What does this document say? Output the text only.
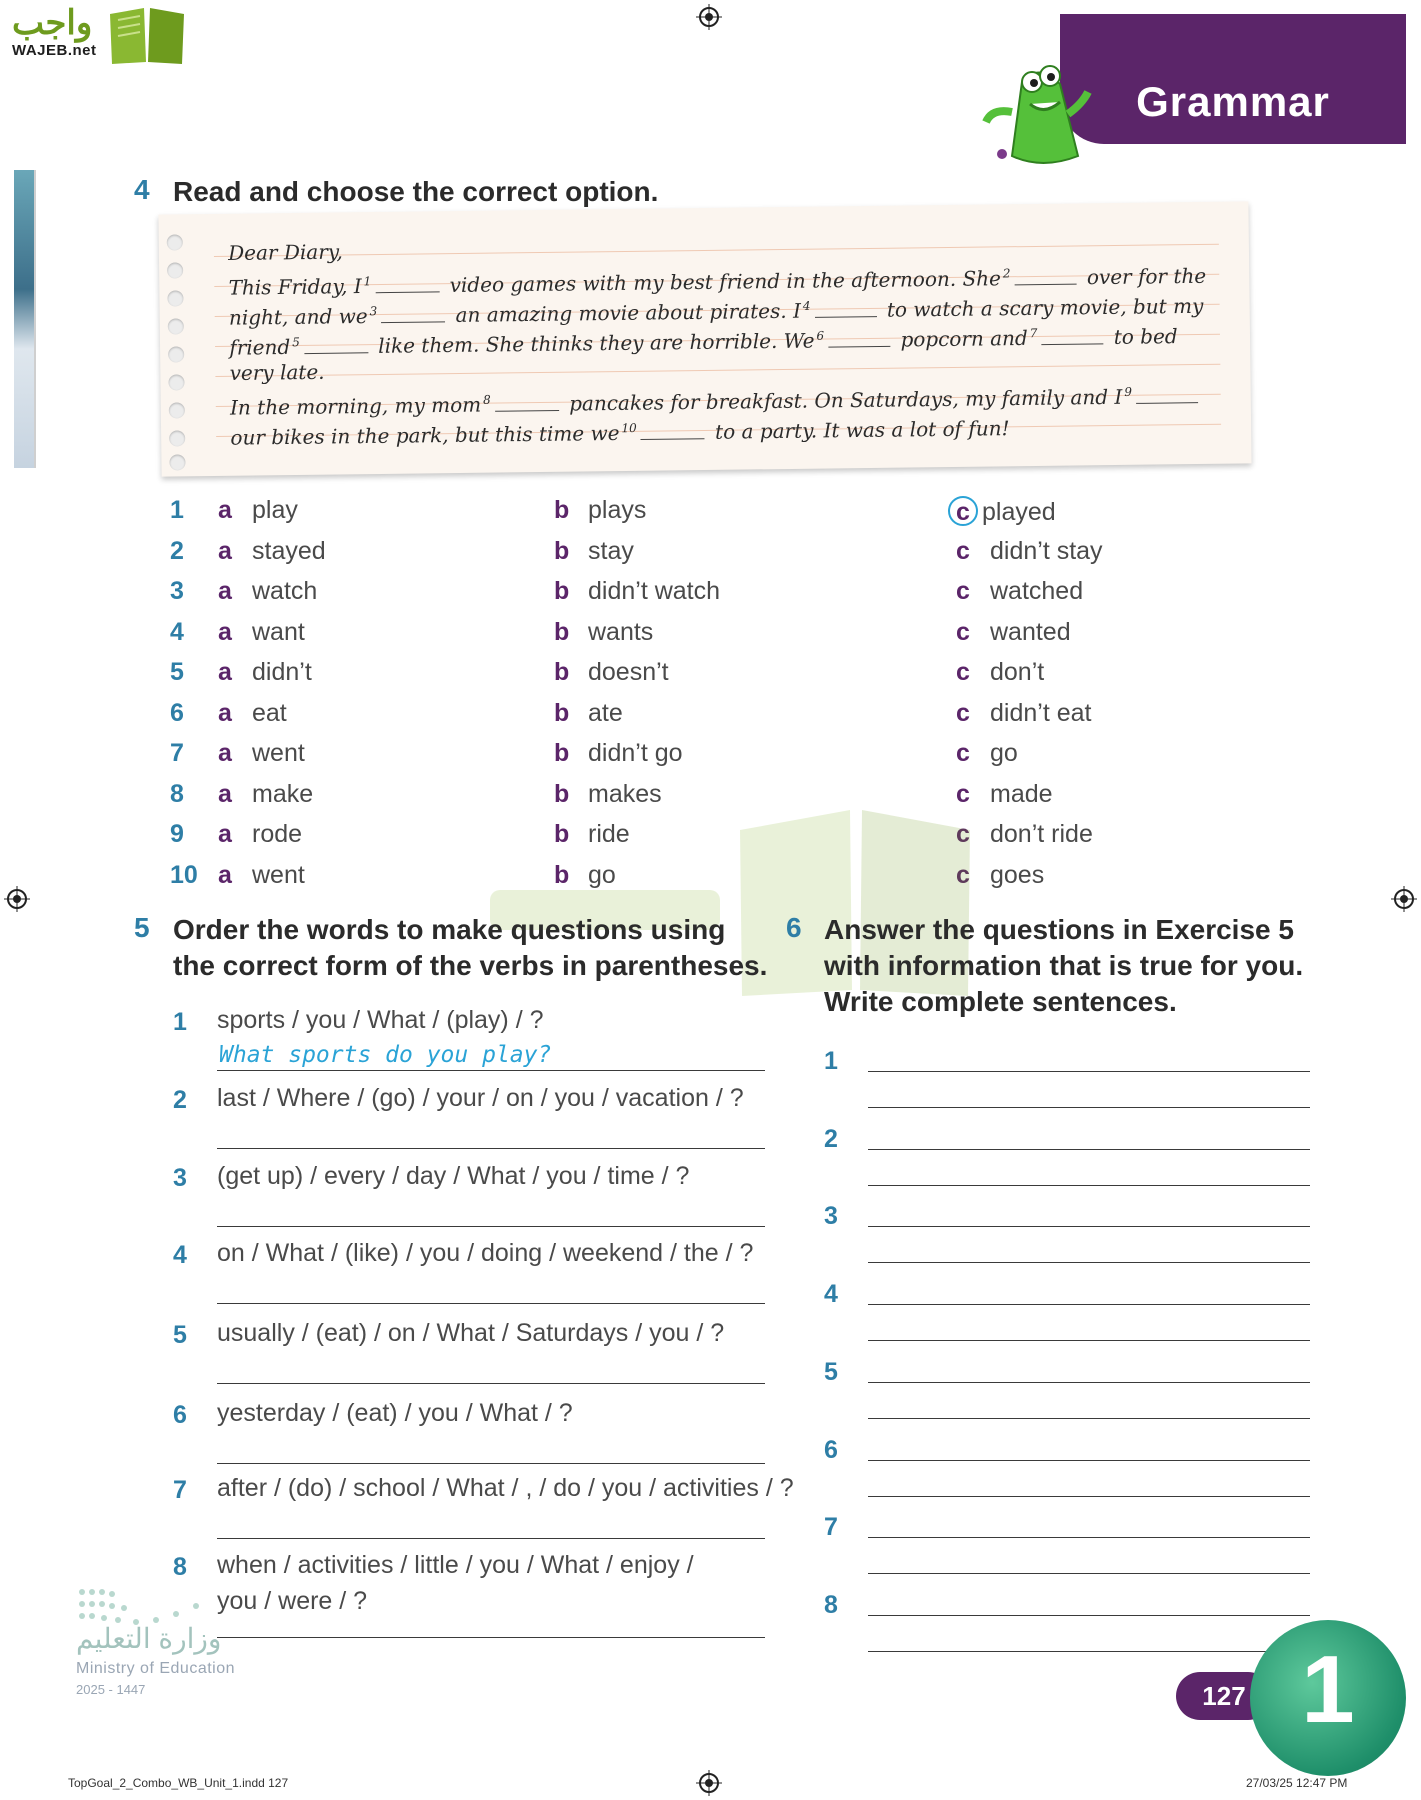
واجب
WAJEB.net
Grammar
4 Read and choose the correct option.
Dear Diary,
This Friday, I $^1$	video games with my best friend in the afternoon. She $^2$	over for the
night, and we $^3$	an amazing movie about pirates. I $^4$	to watch a scary movie, but my
friend $^5$	like them. She thinks they are horrible. We $^6$	popcorn and $^7$	to bed
very late.
In the morning, my mom $^8$	pancakes for breakfast. On Saturdays, my family and I $^9$
our bikes in the park, but this time we $^{10}$	to a party. It was a lot of fun!
1	a play	b plays	c played
2	a stayed	b stay	c didn’t stay
3	a watch	b didn’t watch	c watched
4	a want	b wants	c wanted
5	a didn’t	b doesn’t	c don’t
6	a eat	b ate	c didn’t eat
7	a went	b didn’t go	c go
8	a make	b makes	c made
9	a rode	b ride	c don’t ride
10 a went	b go	c goes
5 Order the words to make questions using
the correct form of the verbs in parentheses.
1 sports / you / What / (play) / ?
What sports do you play?
2 last / Where / (go) / your / on / you / vacation / ?
3 (get up) / every / day / What / you / time / ?
4 on / What / (like) / you / doing / weekend / the / ?
5 usually / (eat) / on / What / Saturdays / you / ?
6 yesterday / (eat) / you / What / ?
7 after / (do) / school / What / , / do / you / activities / ?
8 when / activities / little / you / What / enjoy /
you / were / ?
6 Answer the questions in Exercise 5
with information that is true for you.
Write complete sentences.
1
2
3
4
5
6
7
8
وزارة التعليم
Ministry of Education
2025 - 1447	127 1
TopGoal_2_Combo_WB_Unit_1.indd 127	27/03/25 12:47 PM
